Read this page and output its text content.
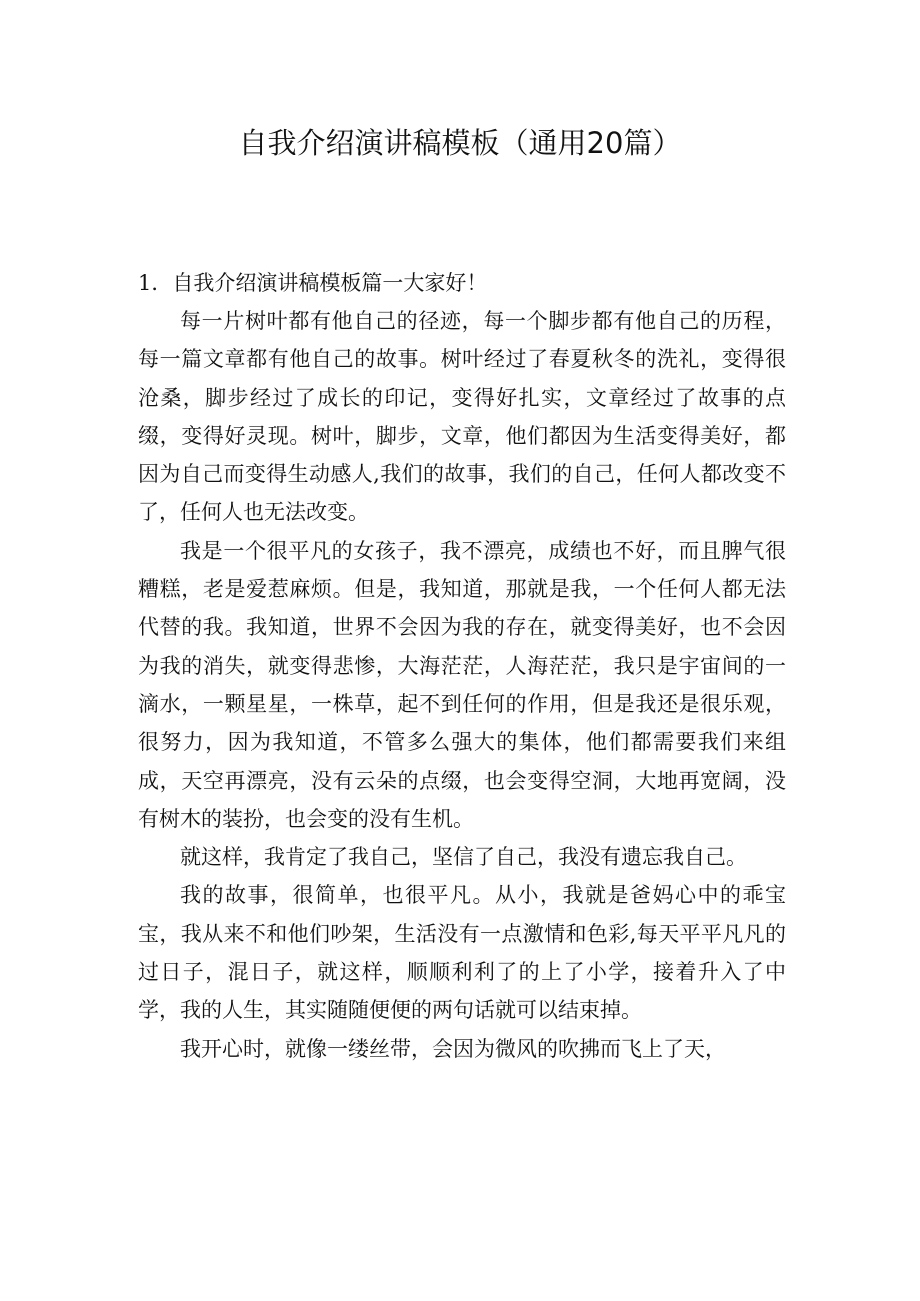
自我介绍演讲稿模板（通用20篇）
1．自我介绍演讲稿模板篇一大家好！

每一片树叶都有他自己的径迹，每一个脚步都有他自己的历程，每一篇文章都有他自己的故事。树叶经过了春夏秋冬的洗礼，变得很沧桑，脚步经过了成长的印记，变得好扎实，文章经过了故事的点缀，变得好灵现。树叶，脚步，文章，他们都因为生活变得美好，都因为自己而变得生动感人,我们的故事，我们的自己，任何人都改变不了，任何人也无法改变。

我是一个很平凡的女孩子，我不漂亮，成绩也不好，而且脾气很糟糕，老是爱惹麻烦。但是，我知道，那就是我，一个任何人都无法代替的我。我知道，世界不会因为我的存在，就变得美好，也不会因为我的消失，就变得悲惨，大海茫茫，人海茫茫，我只是宇宙间的一滴水，一颗星星，一株草，起不到任何的作用，但是我还是很乐观，很努力，因为我知道，不管多么强大的集体，他们都需要我们来组成，天空再漂亮，没有云朵的点缀，也会变得空洞，大地再宽阔，没有树木的装扮，也会变的没有生机。

就这样，我肯定了我自己，坚信了自己，我没有遗忘我自己。

我的故事，很简单，也很平凡。从小，我就是爸妈心中的乖宝宝，我从来不和他们吵架，生活没有一点激情和色彩,每天平平凡凡的过日子，混日子，就这样，顺顺利利了的上了小学，接着升入了中学，我的人生，其实随随便便的两句话就可以结束掉。

我开心时，就像一缕丝带，会因为微风的吹拂而飞上了天，
